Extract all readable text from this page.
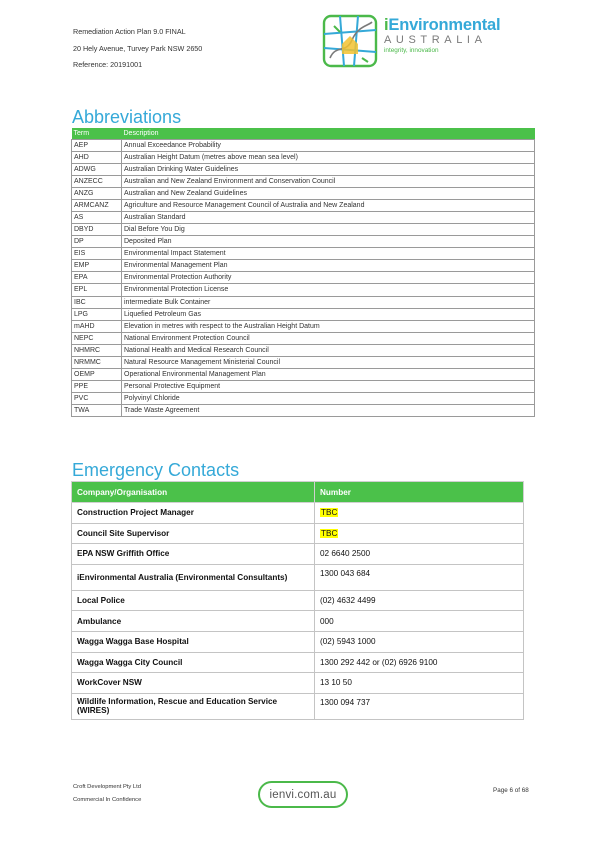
Remediation Action Plan 9.0 FINAL
20 Hely Avenue, Turvey Park NSW 2650
Reference: 20191001
iEnvironmental
AUSTRALIA
integrity, innovation
Abbreviations
Term	Description
AEP	Annual Exceedance Probability
AHD	Australian Height Datum (metres above mean sea level)
ADWG	Australian Drinking Water Guidelines
ANZECC	Australian and New Zealand Environment and Conservation Council
ANZG	Australian and New Zealand Guidelines
ARMCANZ	Agriculture and Resource Management Council of Australia and New Zealand
AS	Australian Standard
DBYD	Dial Before You Dig
DP	Deposited Plan
EIS	Environmental Impact Statement
EMP	Environmental Management Plan
EPA	Environmental Protection Authority
EPL	Environmental Protection License
IBC	intermediate Bulk Container
LPG	Liquefied Petroleum Gas
mAHD	Elevation in metres with respect to the Australian Height Datum
NEPC	National Environment Protection Council
NHMRC	National Health and Medical Research Council
NRMMC	Natural Resource Management Ministerial Council
OEMP	Operational Environmental Management Plan
PPE	Personal Protective Equipment
PVC	Polyvinyl Chloride
TWA	Trade Waste Agreement
Emergency Contacts
Company/Organisation	Number
Construction Project Manager	TBC
Council Site Supervisor	TBC
EPA NSW Griffith Office	02 6640 2500
iEnvironmental Australia (Environmental Consultants)	1300 043 684
Local Police	(02) 4632 4499
Ambulance	000
Wagga Wagga Base Hospital	(02) 5943 1000
Wagga Wagga City Council	1300 292 442 or (02) 6926 9100
WorkCover NSW	13 10 50
Wildlife Information, Rescue and Education Service (WIRES)	1300 094 737
Croft Development Pty Ltd
Commercial In Confidence	ienvi.com.au	Page 6 of 68
